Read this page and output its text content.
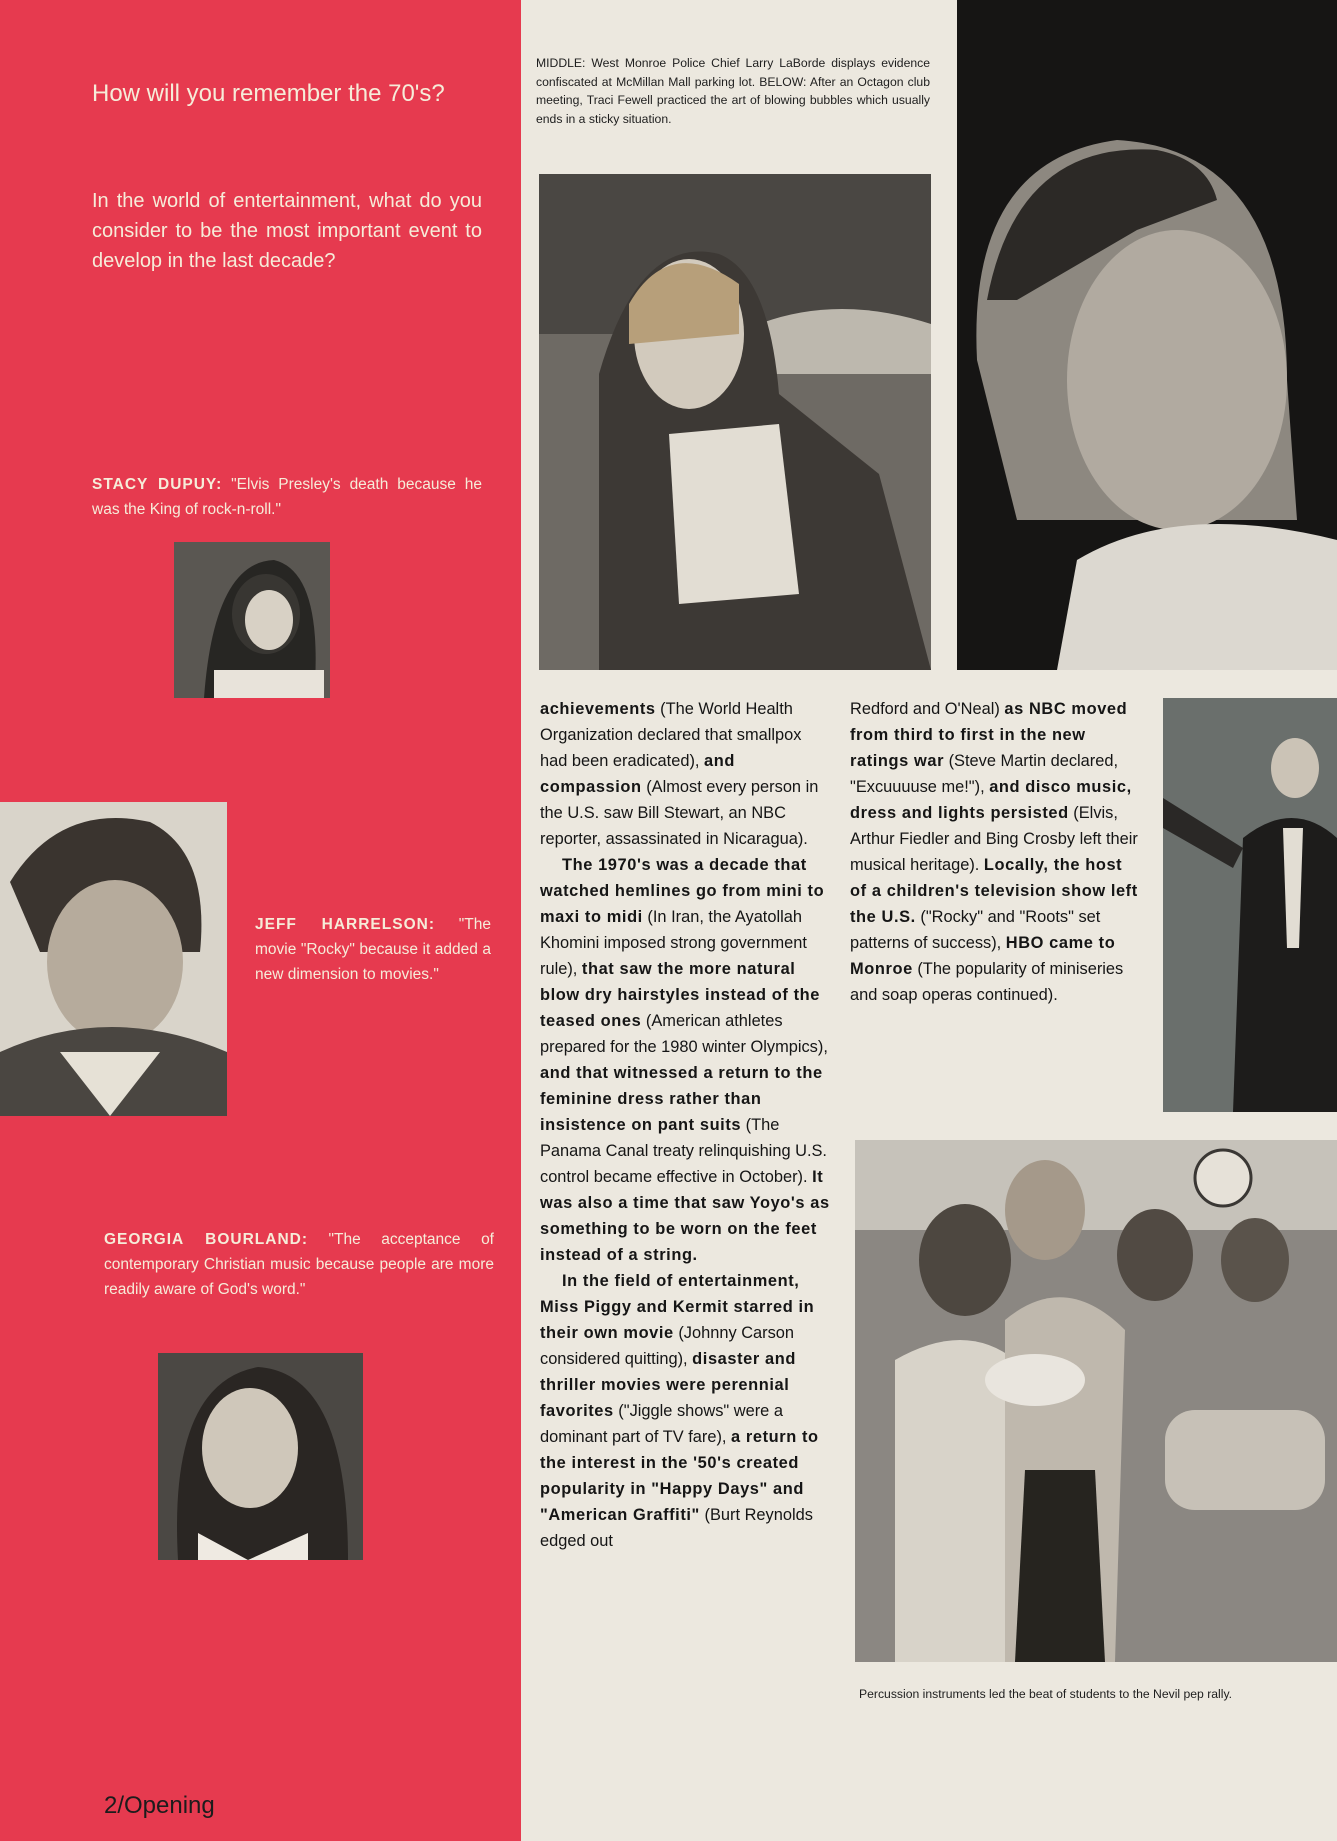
How will you remember the 70's?
In the world of entertainment, what do you consider to be the most important event to develop in the last decade?
STACY DUPUY: "Elvis Presley's death because he was the King of rock-n-roll."
JEFF HARRELSON: "The movie "Rocky" because it added a new dimension to movies."
GEORGIA BOURLAND: "The acceptance of contemporary Christian music because people are more readily aware of God's word."
2/Opening
MIDDLE: West Monroe Police Chief Larry LaBorde displays evidence confiscated at McMillan Mall parking lot. BELOW: After an Octagon club meeting, Traci Fewell practiced the art of blowing bubbles which usually ends in a sticky situation.
Percussion instruments led the beat of students to the Nevil pep rally.

achievements (The World Health Organization declared that smallpox had been eradicated), and compassion (Almost every person in the U.S. saw Bill Stewart, an NBC reporter, assassinated in Nicaragua).

The 1970's was a decade that watched hemlines go from mini to maxi to midi (In Iran, the Ayatollah Khomini imposed strong government rule), that saw the more natural blow dry hairstyles instead of the teased ones (American athletes prepared for the 1980 winter Olympics), and that witnessed a return to the feminine dress rather than insistence on pant suits (The Panama Canal treaty relinquishing U.S. control became effective in October). It was also a time that saw Yoyo's as something to be worn on the feet instead of a string.

In the field of entertainment, Miss Piggy and Kermit starred in their own movie (Johnny Carson considered quitting), disaster and thriller movies were perennial favorites ("Jiggle shows" were a dominant part of TV fare), a return to the interest in the '50's created popularity in "Happy Days" and "American Graffiti" (Burt Reynolds edged out

Redford and O'Neal) as NBC moved from third to first in the new ratings war (Steve Martin declared, "Excuuuuse me!"), and disco music, dress and lights persisted (Elvis, Arthur Fiedler and Bing Crosby left their musical heritage). Locally, the host of a children's television show left the U.S. ("Rocky" and "Roots" set patterns of success), HBO came to Monroe (The popularity of miniseries and soap operas continued).
